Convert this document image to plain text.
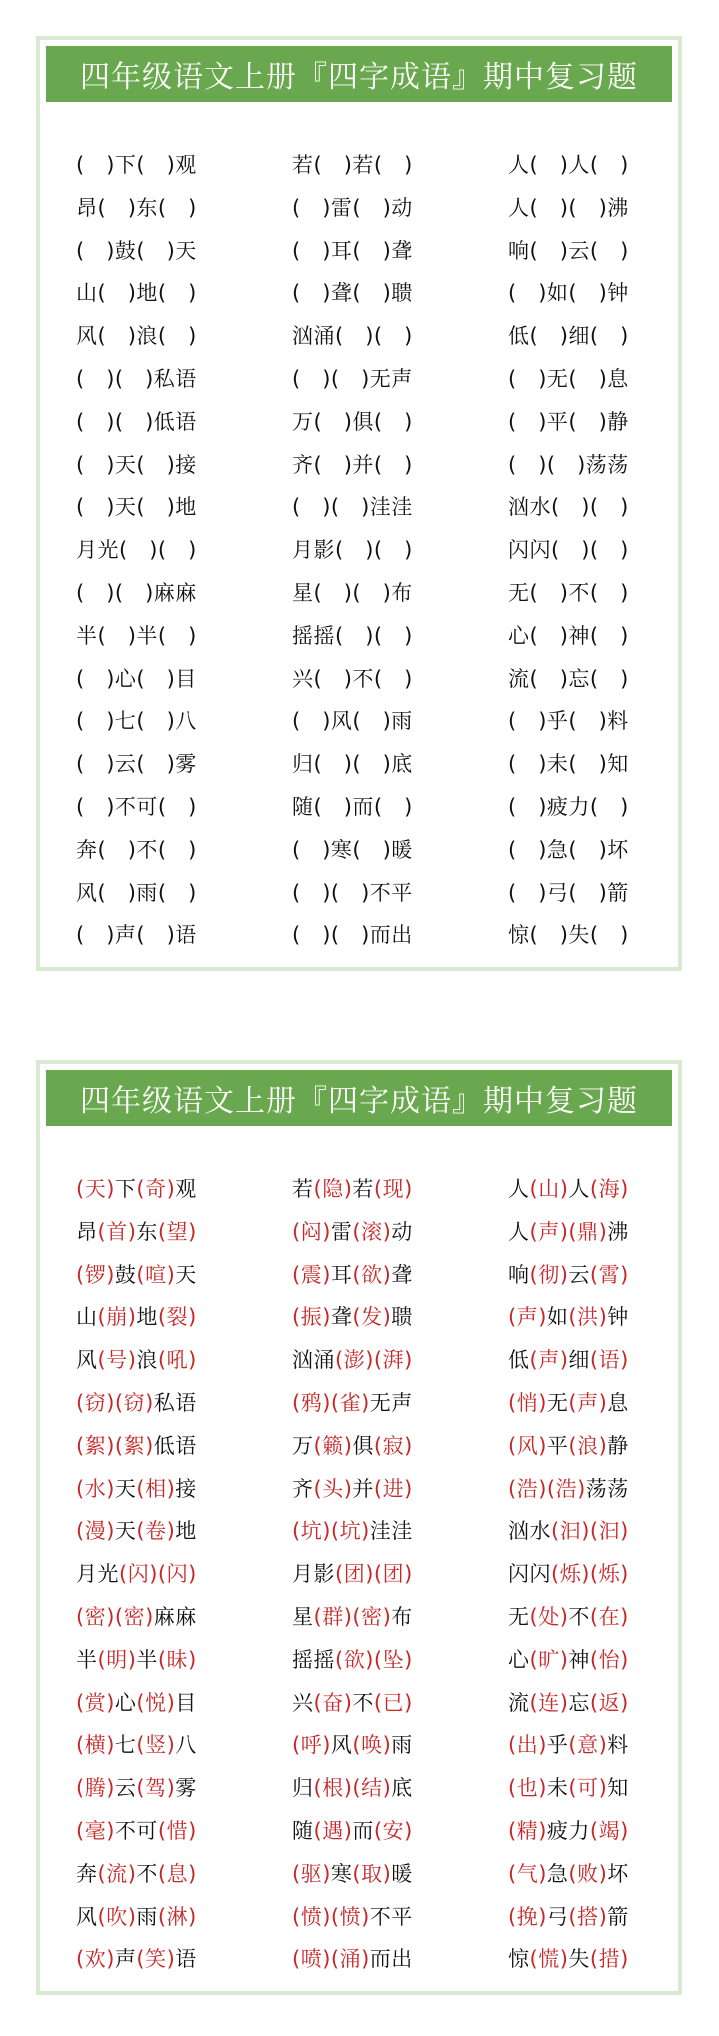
四年级语文上册『四字成语』期中复习题
( )下( )观	若( )若( )	人( )人( )
昂( )东( )	( )雷( )动	人( )( )沸
( )鼓( )天	( )耳( )聋	响( )云( )
山( )地( )	( )聋( )聩	( )如( )钟
风( )浪( )	汹涌( )( )	低( )细( )
( )( )私语	( )( )无声	( )无( )息
( )( )低语	万( )俱( )	( )平( )静
( )天( )接	齐( )并( )	( )( )荡荡
( )天( )地	( )( )洼洼	汹水( )( )
月光( )( )	月影( )( )	闪闪( )( )
( )( )麻麻	星( )( )布	无( )不( )
半( )半( )	摇摇( )( )	心( )神( )
( )心( )目	兴( )不( )	流( )忘( )
( )七( )八	( )风( )雨	( )乎( )料
( )云( )雾	归( )( )底	( )未( )知
( )不可( )	随( )而( )	( )疲力( )
奔( )不( )	( )寒( )暖	( )急( )坏
风( )雨( )	( )( )不平	( )弓( )箭
( )声( )语	( )( )而出	惊( )失( )
四年级语文上册『四字成语』期中复习题
(天)下(奇)观	若(隐)若(现)	人(山)人(海)
昂(首)东(望)	(闷)雷(滚)动	人(声)(鼎)沸
(锣)鼓(喧)天	(震)耳(欲)聋	响(彻)云(霄)
山(崩)地(裂)	(振)聋(发)聩	(声)如(洪)钟
风(号)浪(吼)	汹涌(澎)(湃)	低(声)细(语)
(窃)(窃)私语	(鸦)(雀)无声	(悄)无(声)息
(絮)(絮)低语	万(籁)俱(寂)	(风)平(浪)静
(水)天(相)接	齐(头)并(进)	(浩)(浩)荡荡
(漫)天(卷)地	(坑)(坑)洼洼	汹水(汩)(汩)
月光(闪)(闪)	月影(团)(团)	闪闪(烁)(烁)
(密)(密)麻麻	星(群)(密)布	无(处)不(在)
半(明)半(昧)	摇摇(欲)(坠)	心(旷)神(怡)
(赏)心(悦)目	兴(奋)不(已)	流(连)忘(返)
(横)七(竖)八	(呼)风(唤)雨	(出)乎(意)料
(腾)云(驾)雾	归(根)(结)底	(也)未(可)知
(毫)不可(惜)	随(遇)而(安)	(精)疲力(竭)
奔(流)不(息)	(驱)寒(取)暖	(气)急(败)坏
风(吹)雨(淋)	(愤)(愤)不平	(挽)弓(搭)箭
(欢)声(笑)语	(喷)(涌)而出	惊(慌)失(措)
